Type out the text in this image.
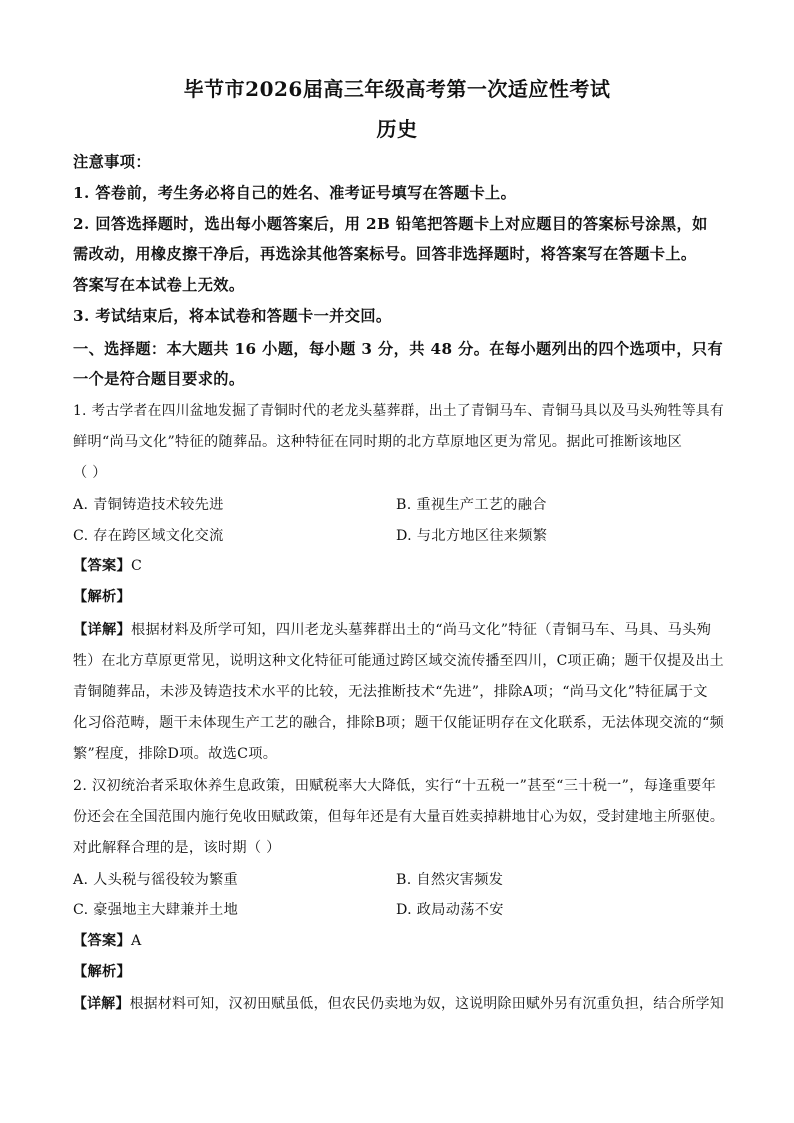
毕节市2026届高三年级高考第一次适应性考试
历史
注意事项：
1. 答卷前，考生务必将自己的姓名、准考证号填写在答题卡上。
2. 回答选择题时，选出每小题答案后，用 2B 铅笔把答题卡上对应题目的答案标号涂黑，如
需改动，用橡皮擦干净后，再选涂其他答案标号。回答非选择题时，将答案写在答题卡上。
答案写在本试卷上无效。
3. 考试结束后，将本试卷和答题卡一并交回。
一、选择题：本大题共 16 小题，每小题 3 分，共 48 分。在每小题列出的四个选项中，只有
一个是符合题目要求的。
1. 考古学者在四川盆地发掘了青铜时代的老龙头墓葬群，出土了青铜马车、青铜马具以及马头殉牲等具有
鲜明“尚马文化”特征的随葬品。这种特征在同时期的北方草原地区更为常见。据此可推断该地区
（ ）
A. 青铜铸造技术较先进	B. 重视生产工艺的融合
C. 存在跨区域文化交流	D. 与北方地区往来频繁
【答案】C
【解析】
【详解】根据材料及所学可知，四川老龙头墓葬群出土的“尚马文化”特征（青铜马车、马具、马头殉
牲）在北方草原更常见，说明这种文化特征可能通过跨区域交流传播至四川，C项正确；题干仅提及出土
青铜随葬品，未涉及铸造技术水平的比较，无法推断技术“先进”，排除A项；“尚马文化”特征属于文
化习俗范畴，题干未体现生产工艺的融合，排除B项；题干仅能证明存在文化联系，无法体现交流的“频
繁”程度，排除D项。故选C项。
2. 汉初统治者采取休养生息政策，田赋税率大大降低，实行“十五税一”甚至“三十税一”，每逢重要年
份还会在全国范围内施行免收田赋政策，但每年还是有大量百姓卖掉耕地甘心为奴，受封建地主所驱使。
对此解释合理的是，该时期（ ）
A. 人头税与徭役较为繁重	B. 自然灾害频发
C. 豪强地主大肆兼并土地	D. 政局动荡不安
【答案】A
【解析】
【详解】根据材料可知，汉初田赋虽低，但农民仍卖地为奴，这说明除田赋外另有沉重负担，结合所学知
